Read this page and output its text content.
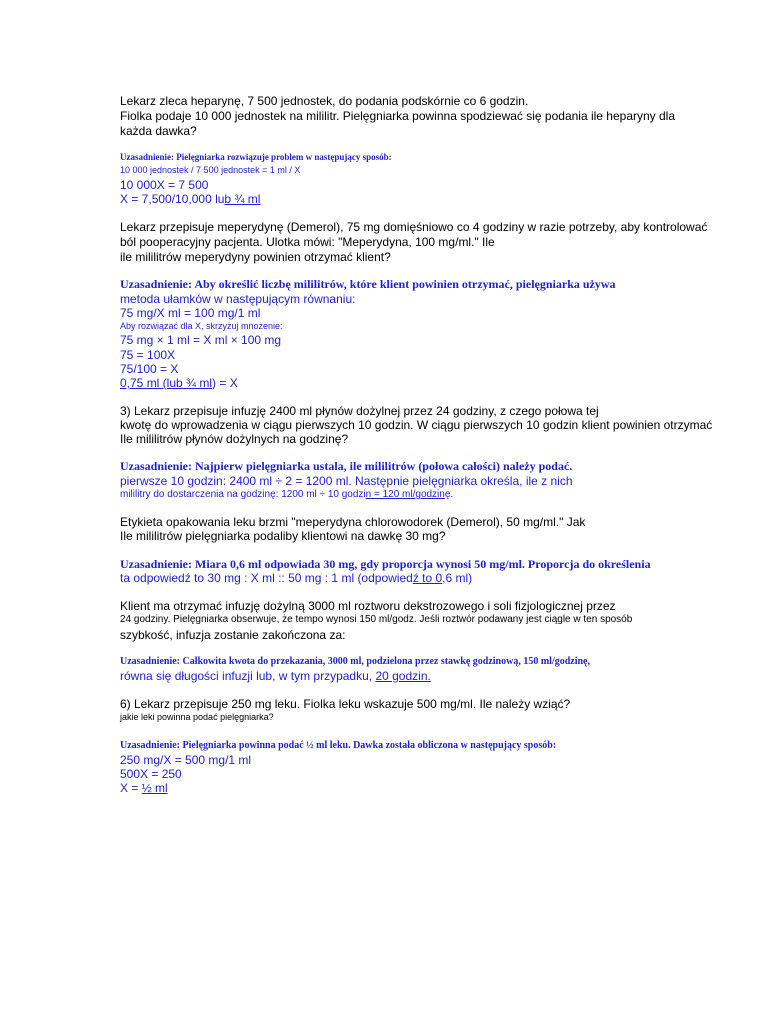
Lekarz zleca heparynę, 7 500 jednostek, do podania podskórnie co 6 godzin.
Fiolka podaje 10 000 jednostek na mililitr. Pielęgniarka powinna spodziewać się podania ile heparyny dla
każda dawka?
Uzasadnienie: Pielęgniarka rozwiązuje problem w następujący sposób:
10 000 jednostek / 7 500 jednostek = 1 ml / X
10 000X = 7 500
X = 7,500/10,000 lub ¾ ml
Lekarz przepisuje meperydynę (Demerol), 75 mg domięśniowo co 4 godziny w razie potrzeby, aby kontrolować
ból pooperacyjny pacjenta. Ulotka mówi: "Meperydyna, 100 mg/ml." Ile
ile mililitrów meperydyny powinien otrzymać klient?
Uzasadnienie: Aby określić liczbę mililitrów, które klient powinien otrzymać, pielęgniarka używa
metoda ułamków w następującym równaniu:
75 mg/X ml = 100 mg/1 ml
Aby rozwiązać dla X, skrzyżuj mnożenie:
75 mg × 1 ml = X ml × 100 mg
75 = 100X
75/100 = X
0,75 ml (lub ¾ ml) = X
3) Lekarz przepisuje infuzję 2400 ml płynów dożylnej przez 24 godziny, z czego połowa tej
kwotę do wprowadzenia w ciągu pierwszych 10 godzin. W ciągu pierwszych 10 godzin klient powinien otrzymać
Ile mililitrów płynów dożylnych na godzinę?
Uzasadnienie: Najpierw pielęgniarka ustala, ile mililitrów (połowa całości) należy podać.
pierwsze 10 godzin: 2400 ml ÷ 2 = 1200 ml. Następnie pielęgniarka określa, ile z nich
mililitry do dostarczenia na godzinę: 1200 ml ÷ 10 godzin = 120 ml/godzinę.
Etykieta opakowania leku brzmi "meperydyna chlorowodorek (Demerol), 50 mg/ml." Jak
Ile mililitrów pielęgniarka podaliby klientowi na dawkę 30 mg?
Uzasadnienie: Miara 0,6 ml odpowiada 30 mg, gdy proporcja wynosi 50 mg/ml. Proporcja do określenia
ta odpowiedź to 30 mg : X ml :: 50 mg : 1 ml (odpowiedź to 0,6 ml)
Klient ma otrzymać infuzję dożylną 3000 ml roztworu dekstrozowego i soli fizjologicznej przez
24 godziny. Pielęgniarka obserwuje, że tempo wynosi 150 ml/godz. Jeśli roztwór podawany jest ciągle w ten sposób
szybkość, infuzja zostanie zakończona za:
Uzasadnienie: Całkowita kwota do przekazania, 3000 ml, podzielona przez stawkę godzinową, 150 ml/godzinę,
równa się długości infuzji lub, w tym przypadku, 20 godzin.
6) Lekarz przepisuje 250 mg leku. Fiolka leku wskazuje 500 mg/ml. Ile należy wziąć?
jakie leki powinna podać pielęgniarka?
Uzasadnienie: Pielęgniarka powinna podać ½ ml leku. Dawka została obliczona w następujący sposób:
250 mg/X = 500 mg/1 ml
500X = 250
X = ½ ml
